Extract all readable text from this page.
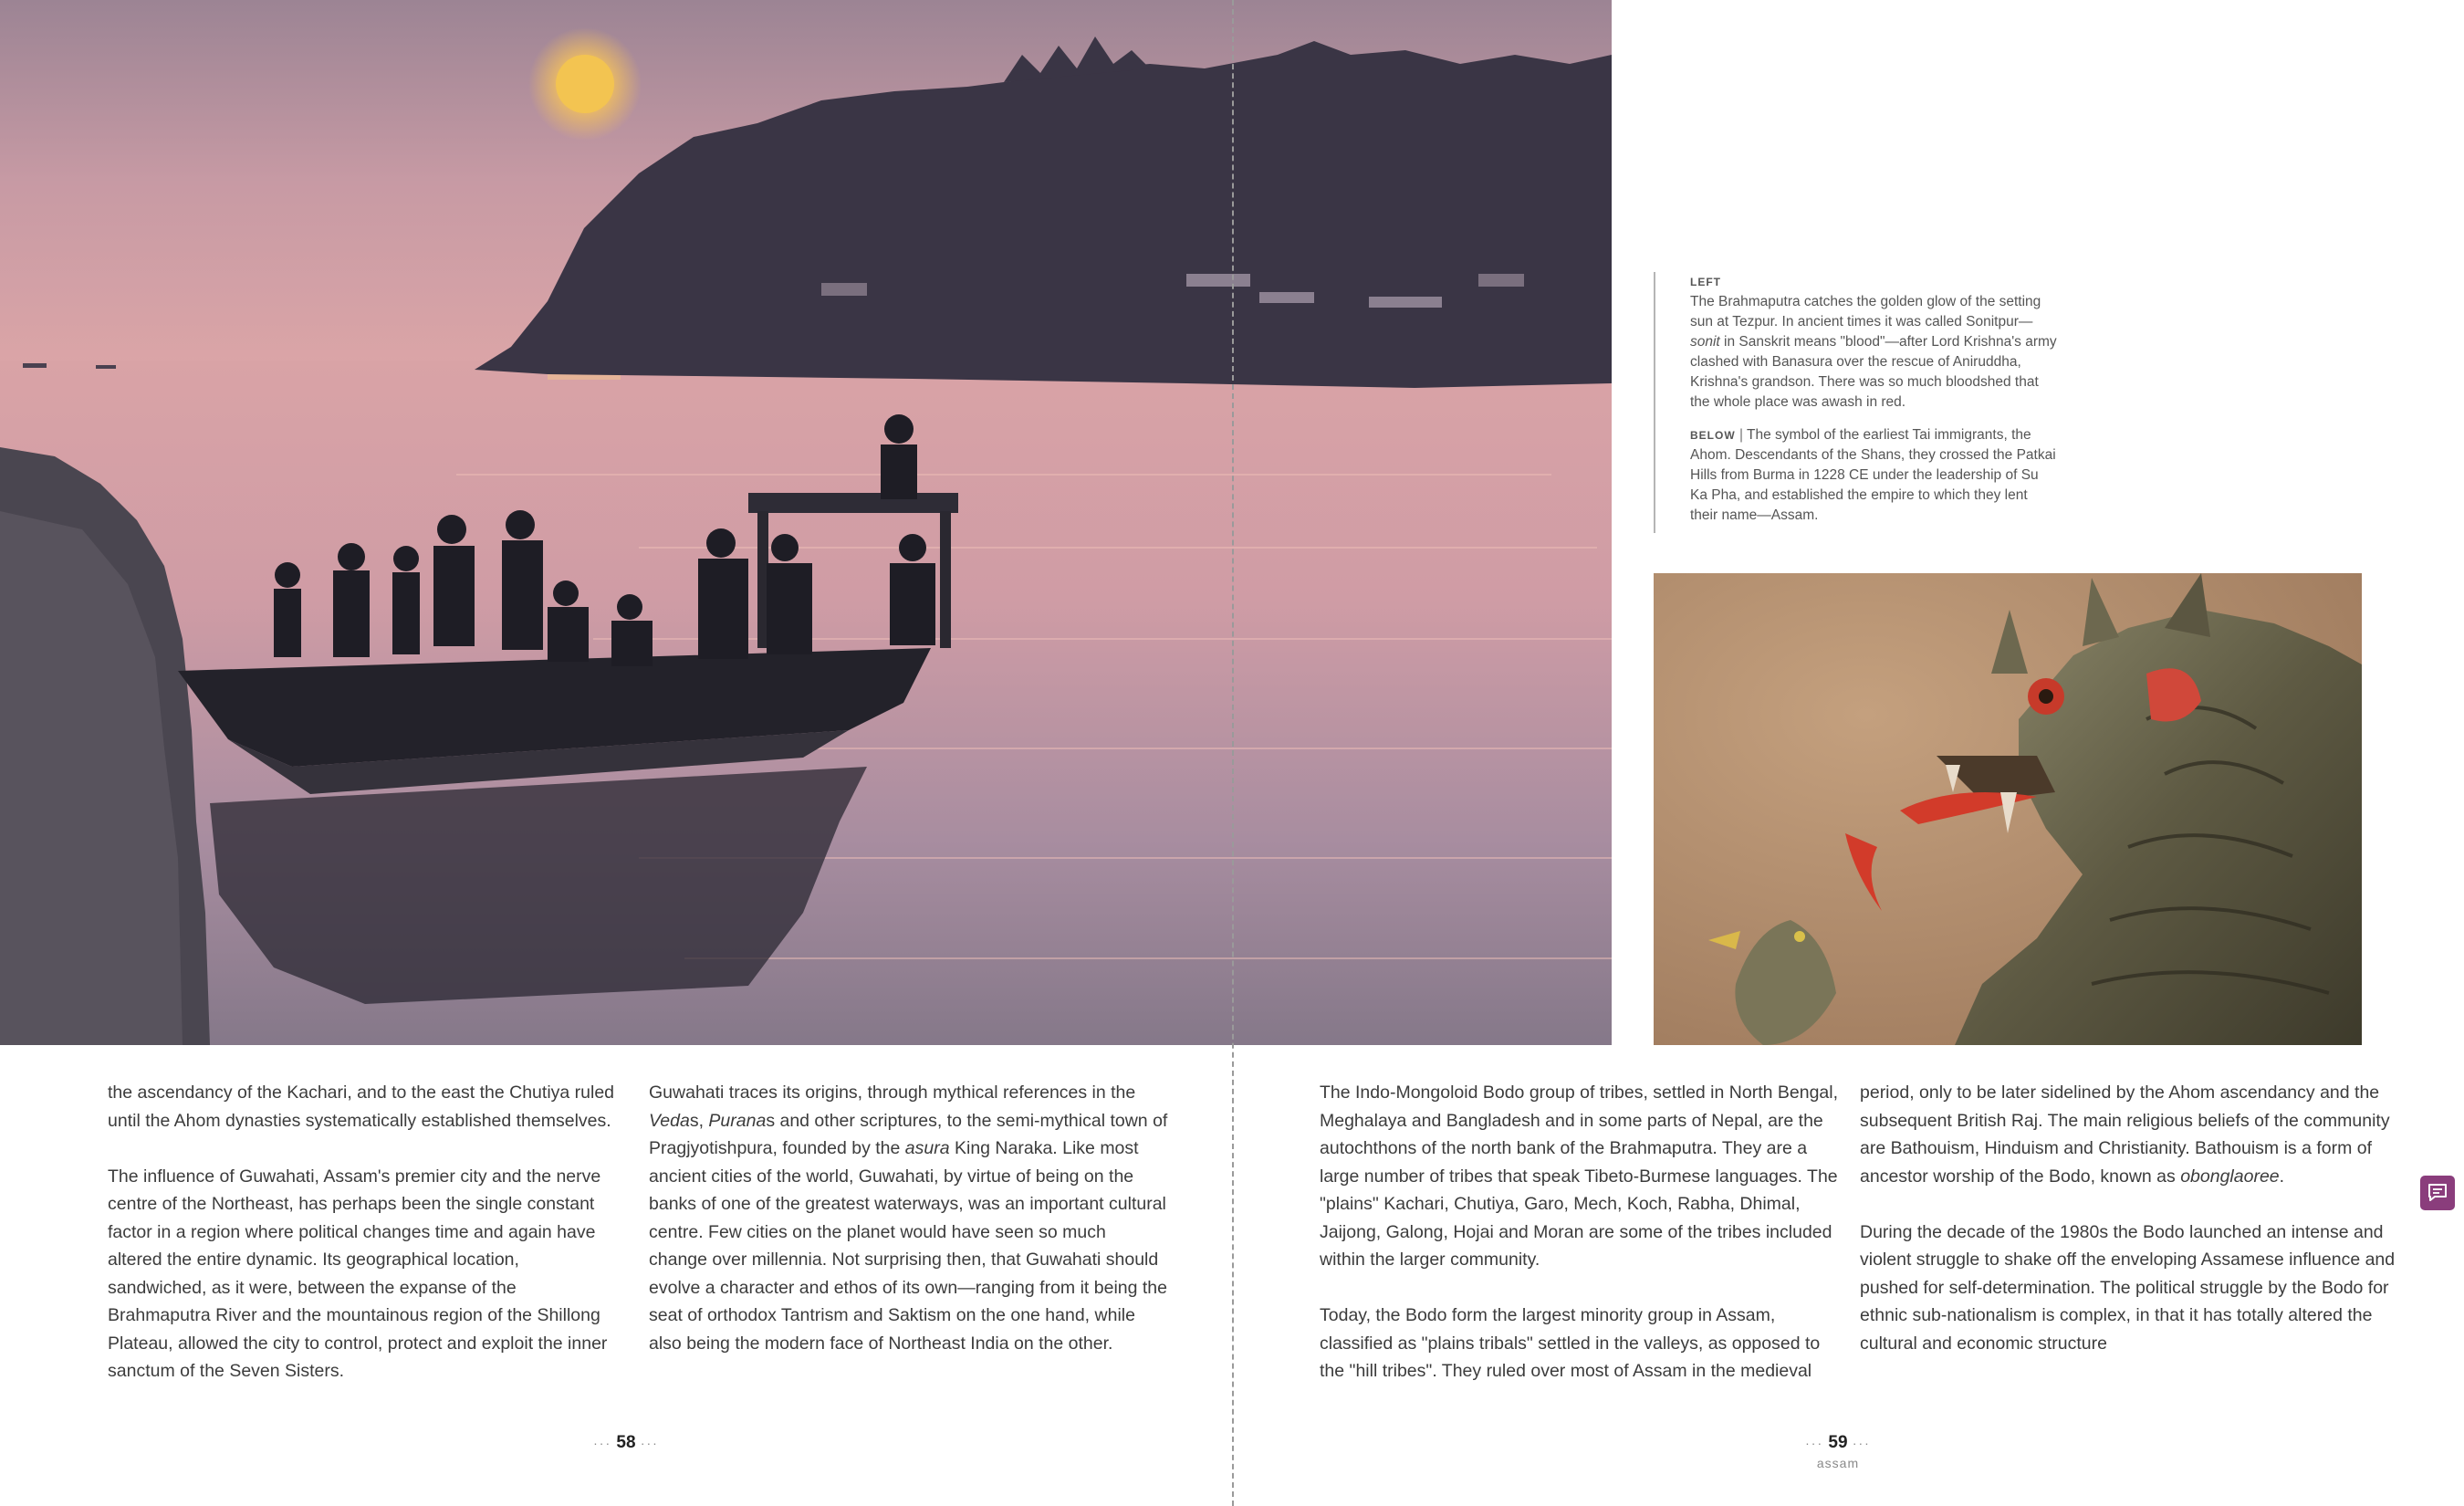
LEFT
The Brahmaputra catches the golden glow of the setting sun at Tezpur. In ancient times it was called Sonitpur—sonit in Sanskrit means "blood"—after Lord Krishna's army clashed with Banasura over the rescue of Aniruddha, Krishna's grandson. There was so much bloodshed that the whole place was awash in red.
BELOW | The symbol of the earliest Tai immigrants, the Ahom. Descendants of the Shans, they crossed the Patkai Hills from Burma in 1228 CE under the leadership of Su Ka Pha, and established the empire to which they lent their name—Assam.

the ascendancy of the Kachari, and to the east the Chutiya ruled until the Ahom dynasties systematically established themselves.

The influence of Guwahati, Assam's premier city and the nerve centre of the Northeast, has perhaps been the single constant factor in a region where political changes time and again have altered the entire dynamic. Its geographical location, sandwiched, as it were, between the expanse of the Brahmaputra River and the mountainous region of the Shillong Plateau, allowed the city to control, protect and exploit the inner sanctum of the Seven Sisters.

Guwahati traces its origins, through mythical references in the Vedas, Puranas and other scriptures, to the semi-mythical town of Pragjyotishpura, founded by the asura King Naraka. Like most ancient cities of the world, Guwahati, by virtue of being on the banks of one of the greatest waterways, was an important cultural centre. Few cities on the planet would have seen so much change over millennia. Not surprising then, that Guwahati should evolve a character and ethos of its own—ranging from it being the seat of orthodox Tantrism and Saktism on the one hand, while also being the modern face of Northeast India on the other.

The Indo-Mongoloid Bodo group of tribes, settled in North Bengal, Meghalaya and Bangladesh and in some parts of Nepal, are the autochthons of the north bank of the Brahmaputra. They are a large number of tribes that speak Tibeto-Burmese languages. The "plains" Kachari, Chutiya, Garo, Mech, Koch, Rabha, Dhimal, Jaijong, Galong, Hojai and Moran are some of the tribes included within the larger community.

Today, the Bodo form the largest minority group in Assam, classified as "plains tribals" settled in the valleys, as opposed to the "hill tribes". They ruled over most of Assam in the medieval

period, only to be later sidelined by the Ahom ascendancy and the subsequent British Raj. The main religious beliefs of the community are Bathouism, Hinduism and Christianity. Bathouism is a form of ancestor worship of the Bodo, known as obonglaoree.

During the decade of the 1980s the Bodo launched an intense and violent struggle to shake off the enveloping Assamese influence and pushed for self-determination. The political struggle by the Bodo for ethnic sub-nationalism is complex, in that it has totally altered the cultural and economic structure

··· 58 ···	··· 59 ···
assam
